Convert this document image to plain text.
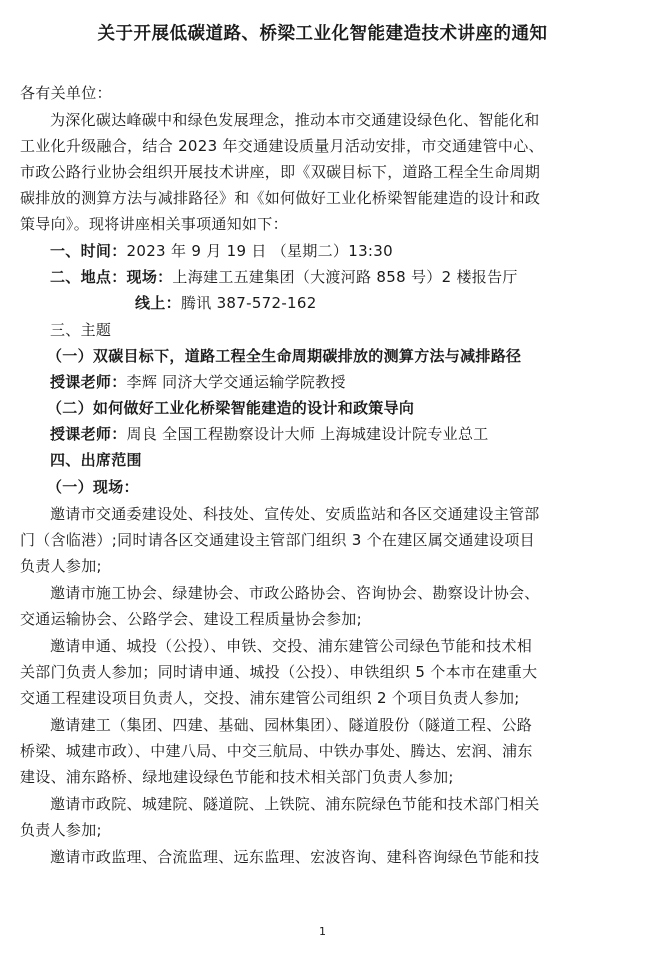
关于开展低碳道路、桥梁工业化智能建造技术讲座的通知
各有关单位：
为深化碳达峰碳中和绿色发展理念，推动本市交通建设绿色化、智能化和
工业化升级融合，结合 2023 年交通建设质量月活动安排，市交通建管中心、
市政公路行业协会组织开展技术讲座，即《双碳目标下，道路工程全生命周期
碳排放的测算方法与减排路径》和《如何做好工业化桥梁智能建造的设计和政
策导向》。现将讲座相关事项通知如下：
一、时间：2023 年 9 月 19 日 （星期二）13:30
二、地点：现场：上海建工五建集团（大渡河路 858 号）2 楼报告厅
线上：腾讯 387-572-162
三、主题
（一）双碳目标下，道路工程全生命周期碳排放的测算方法与减排路径
授课老师：李辉 同济大学交通运输学院教授
（二）如何做好工业化桥梁智能建造的设计和政策导向
授课老师：周良 全国工程勘察设计大师 上海城建设计院专业总工
四、出席范围
（一）现场：
邀请市交通委建设处、科技处、宣传处、安质监站和各区交通建设主管部
门（含临港）;同时请各区交通建设主管部门组织 3 个在建区属交通建设项目
负责人参加;
邀请市施工协会、绿建协会、市政公路协会、咨询协会、勘察设计协会、
交通运输协会、公路学会、建设工程质量协会参加;
邀请申通、城投（公投）、申铁、交投、浦东建管公司绿色节能和技术相
关部门负责人参加；同时请申通、城投（公投）、申铁组织 5 个本市在建重大
交通工程建设项目负责人，交投、浦东建管公司组织 2 个项目负责人参加;
邀请建工（集团、四建、基础、园林集团）、隧道股份（隧道工程、公路
桥梁、城建市政）、中建八局、中交三航局、中铁办事处、腾达、宏润、浦东
建设、浦东路桥、绿地建设绿色节能和技术相关部门负责人参加;
邀请市政院、城建院、隧道院、上铁院、浦东院绿色节能和技术部门相关
负责人参加;
邀请市政监理、合流监理、远东监理、宏波咨询、建科咨询绿色节能和技
1
